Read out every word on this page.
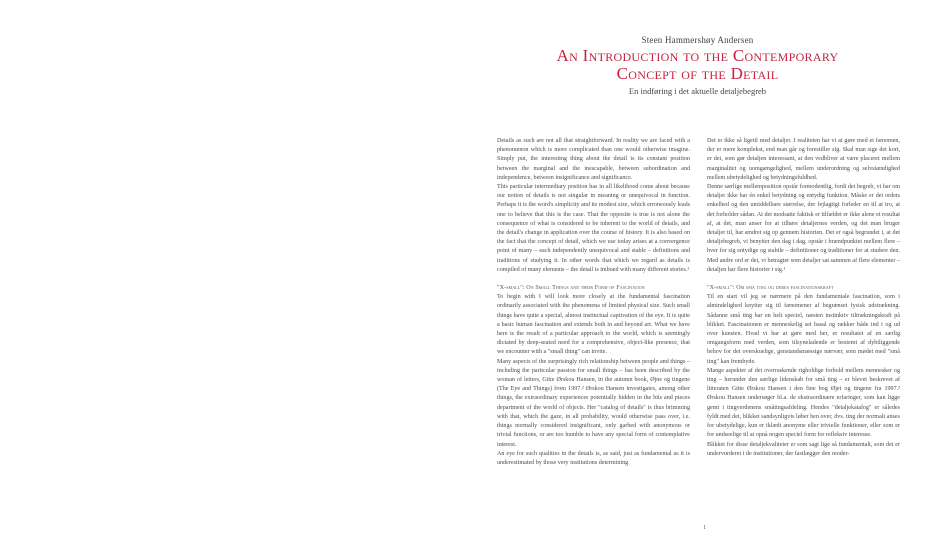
Steen Hammershøy Andersen
An Introduction to the Contemporary
Concept of the Detail
En indføring i det aktuelle detaljebegreb

Details as such are not all that straightforward. In reality we are faced with a phenomenon which is more complicated than one would otherwise imagine. Simply put, the interesting thing about the detail is its constant position between the marginal and the inescapable, between subordination and independence, between insignificance and significance.

This particular intermediary position has in all likelihood come about because our notion of details is not singular in meaning or unequivocal in function. Perhaps it is the word's simplicity and its modest size, which erroneously leads one to believe that this is the case. That the opposite is true is not alone the consequence of what is considered to be inherent to the world of details, and the detail's change in application over the course of history. It is also based on the fact that the concept of detail, which we use today arises at a convergence point of many – each independently unequivocal and stable – definitions and traditions of studying it. In other words that which we regard as details is compiled of many elements – the detail is imbued with many different stories.¹

"X-small": On Small Things and their Form of Fascination

To begin with I will look more closely at the fundamental fascination ordinarily associated with the phenomena of limited physical size. Such small things have quite a special, almost instinctual captivation of the eye. It is quite a basic human fascination and extends both in and beyond art. What we have here is the result of a particular approach to the world, which is seemingly dictated by deep-seated need for a comprehensive, object-like presence, that we encounter with a "small thing" can invite.

Many aspects of the surprisingly rich relationship between people and things – including the particular passion for small things – has been described by the woman of letters, Gitte Ørskou Hansen, in the autumn book, Øjne og tingene (The Eye and Things) from 1997.² Ørskou Hansen investigates, among other things, the extraordinary experiences potentially hidden in the bits and pieces department of the world of objects. Her "catalog of details" is thus brimming with that, which the gaze, in all probability, would otherwise pass over, i.e. things normally considered insignificant, only garbed with anonymous or trivial functions, or are too humble to have any special form of contemplative interest.

An eye for such qualities in the details is, as said, just as fundamental as it is underestimated by those very institutions determining

Det er ikke så ligetil med detaljer. I realiteten har vi at gøre med et fænomen, der er mere komplekst, end man går og forestiller sig. Skal man sige det kort, er det, som gør detaljen interessant, at den vedbliver at være placeret mellem marginalitet og uomgængelighed, mellem underordning og selvstændighed mellem ubetydelighed og betydningsfuldhed.

Denne særlige mellemposition opstår formodentlig, fordi det begreb, vi har om detaljer ikke har én enkel betydning og entydig funktion. Måske er det ordets enkelhed og den umiddelbare størrelse, der fejlagtigt forleder en til at tro, at det forholder sådan. At det modsatte faktisk er tilfældet er ikke alene et resultat af, at det, man anser for at tilhøre detaljernes verden, og det man bruger detaljer til, har ændret sig op gennem historien. Det er også begrundet i, at det detaljebegreb, vi benytter den dag i dag, opstår i brændpunktet mellem flere – hver for sig entydige og stabile – definitioner og traditioner for at studere den. Med andre ord er det, vi betragter som detaljer sat sammen af flere elementer – detaljen har flere historier i sig.¹

"X-small": Om små ting og deres fascinationskraft

Til en start vil jeg se nærmere på den fundamentale fascination, som i almindelighed knytter sig til fænomener af begrænset fysisk udstrækning. Sådanne små ting har en helt speciel, næsten instinktiv tiltrækningskraft på blikket. Fascinationen er menneskelig set basal og rækker både ind i og ud over kunsten. Hvad vi har at gøre med her, er resultatet af en særlig omgangsform med verden, som tilsyneladende er bestemt af dybtliggende behov for det overskuelige, genstandsmæssige nærvær, som mødet med "små ting" kan frembyde.

Mange aspekter af det overraskende righoldige forhold mellem mennesker og ting – herunder den særlige lidenskab for små ting – er blevet beskrevet af litteraten Gitte Ørskou Hansen i den fine bog Øjet og tingene fra 1997.² Ørskou Hansen undersøger bl.a. de ekstraordinære erfaringer, som kan ligge gemt i tingverdenens småtingsafdeling. Hendes "detaljekatalog" er således fyldt med det, blikket sandsynligvis løber hen over, dvs. ting der normalt anses for ubetydelige, kun er iklædt anonyme eller trivielle funktioner, eller som er for undseelige til at opnå nogen speciel form for refleksiv interesse.

Blikket for disse detaljekvaliteter er som sagt lige så fundamentalt, som det er undervurderet i de institutioner, der fastlægger den moder-

1
